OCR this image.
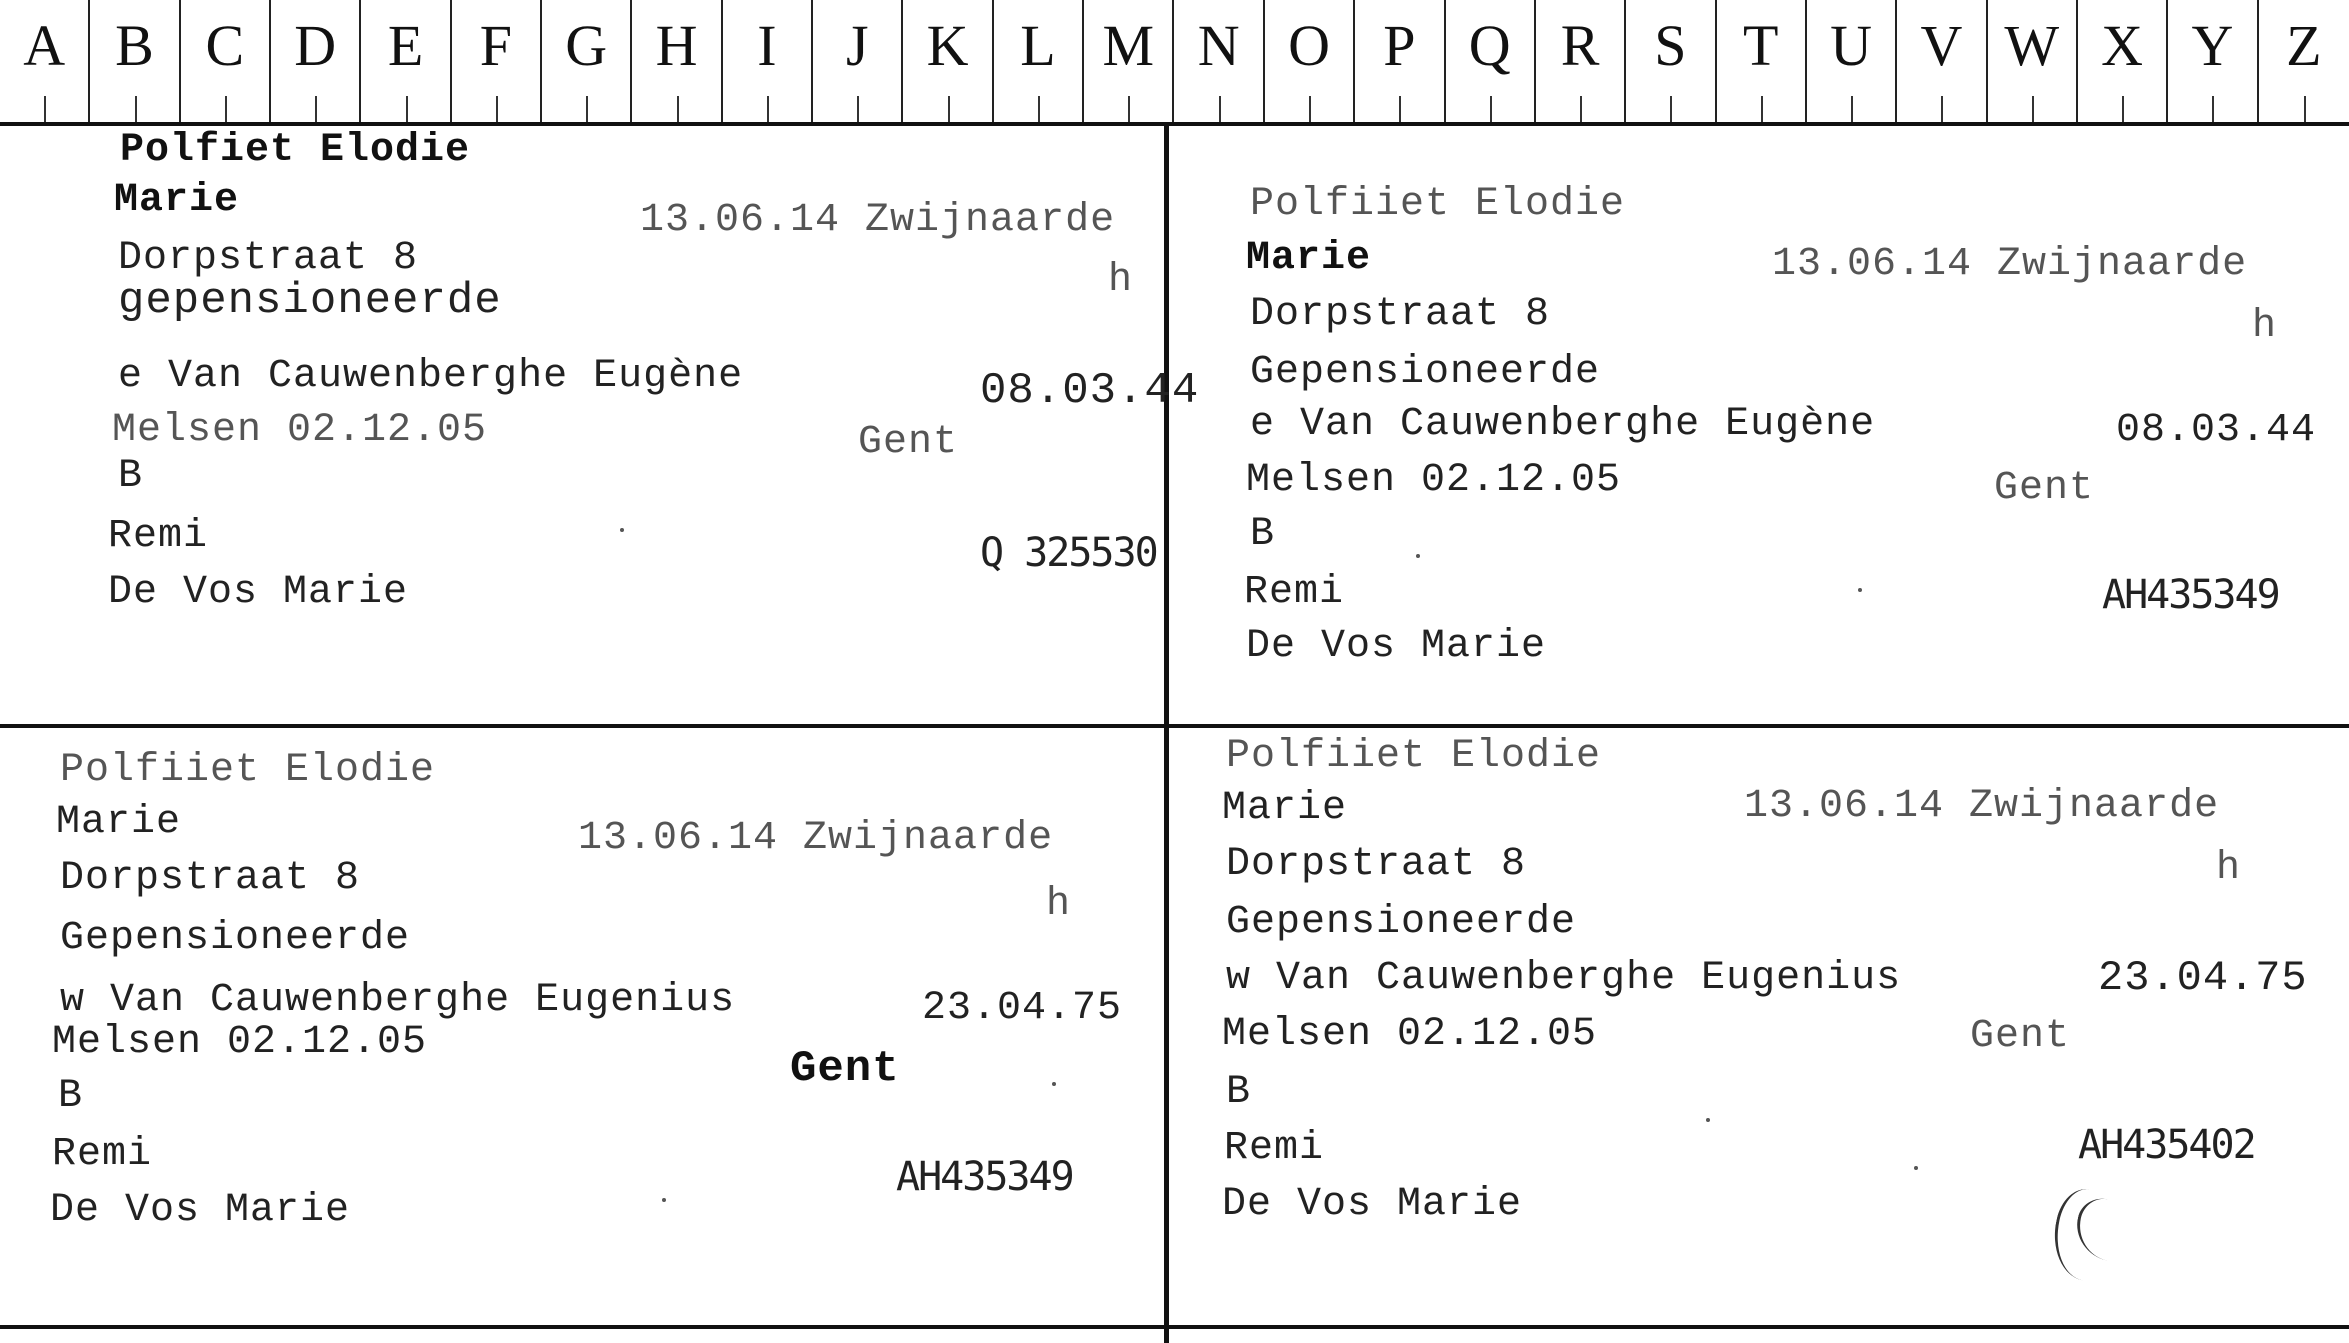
A B C D E F G H	I	J	K L M N O P Q R S T U V W X Y Z
Polfiet Elodie
Marie	13.06.14 Zwijnaarde
Dorpstraat 8	h
gepensioneerde
e Van Cauwenberghe Eugène	08.03.44
Melsen 02.12.05	Gent
B
Remi	Q 325530
De Vos Marie
Polfiiet Elodie
Marie	13.06.14 Zwijnaarde
Dorpstraat 8	h
Gepensioneerde
e Van Cauwenberghe Eugène	08.03.44
Melsen 02.12.05	Gent
B
Remi	AH435349
De Vos Marie
Polfiiet Elodie
Marie	13.06.14 Zwijnaarde
Dorpstraat 8
h
Gepensioneerde
w Van Cauwenberghe Eugenius	23.04.75
Melsen 02.12.05
Gent
B
Remi	AH435349
De Vos Marie
Polfiiet Elodie
Marie	13.06.14 Zwijnaarde
Dorpstraat 8	h
Gepensioneerde
w Van Cauwenberghe Eugenius	23.04.75
Melsen 02.12.05	Gent
B
Remi	AH435402
De Vos Marie
